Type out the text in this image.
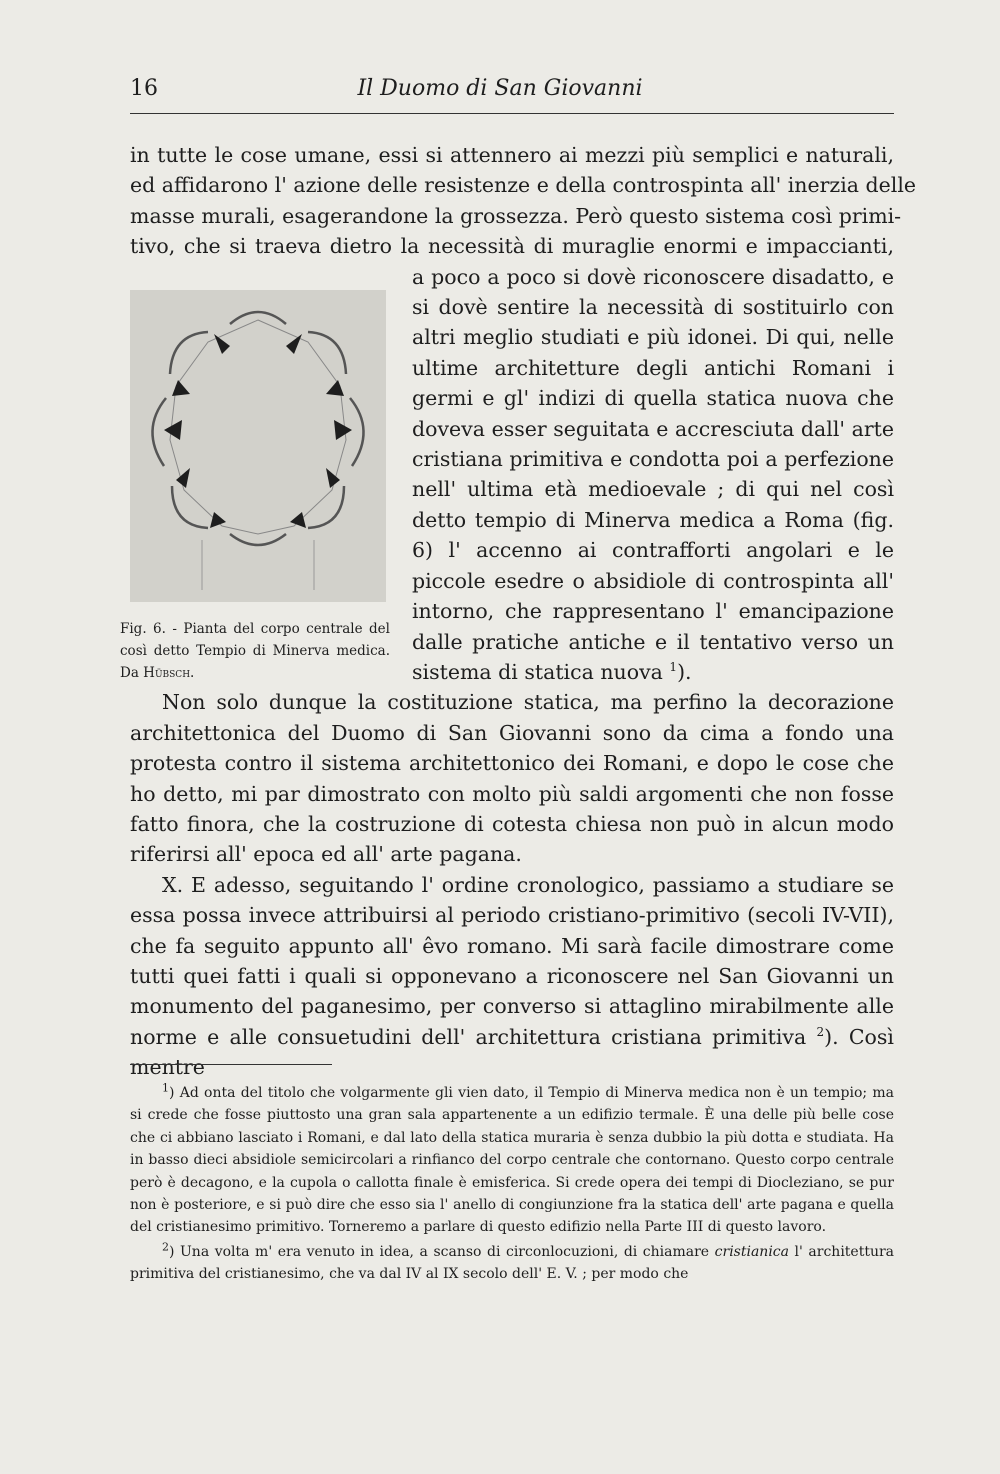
16	Il Duomo di San Giovanni
Fig. 6. - Pianta del corpo centrale del così detto Tempio di Minerva medica. Da Hübsch.

in tutte le cose umane, essi si attennero ai mezzi più semplici e naturali,
ed affidarono l' azione delle resistenze e della controspinta all' inerzia delle
masse murali, esagerandone la grossezza. Però questo sistema così primi-
tivo, che si traeva dietro la necessità di muraglie enormi e impaccianti,
a poco a poco si dovè riconoscere disadatto, e si dovè sentire la necessità di sostituirlo con altri meglio studiati e più idonei. Di qui, nelle ultime architetture degli antichi Romani i germi e gl' indizi di quella statica nuova che doveva esser seguitata e accresciuta dall' arte cristiana primitiva e condotta poi a perfezione nell' ultima età medioevale ; di qui nel così detto tempio di Minerva medica a Roma (fig. 6) l' accenno ai contrafforti angolari e le piccole esedre o absidiole di controspinta all' intorno, che rappresentano l' emancipazione dalle pratiche antiche e il tentativo verso un sistema di statica nuova $^1$).

Non solo dunque la costituzione statica, ma perfino la decorazione architettonica del Duomo di San Giovanni sono da cima a fondo una protesta contro il sistema architettonico dei Romani, e dopo le cose che ho detto, mi par dimostrato con molto più saldi argomenti che non fosse fatto finora, che la costruzione di cotesta chiesa non può in alcun modo riferirsi all' epoca ed all' arte pagana.

X. E adesso, seguitando l' ordine cronologico, passiamo a studiare se essa possa invece attribuirsi al periodo cristiano-primitivo (secoli IV-VII), che fa seguito appunto all' êvo romano. Mi sarà facile dimostrare come tutti quei fatti i quali si opponevano a riconoscere nel San Giovanni un monumento del paganesimo, per converso si attaglino mirabilmente alle norme e alle consuetudini dell' architettura cristiana primitiva $^2$). Così mentre

$^1$) Ad onta del titolo che volgarmente gli vien dato, il Tempio di Minerva medica non è un tempio; ma si crede che fosse piuttosto una gran sala appartenente a un edifizio termale. È una delle più belle cose che ci abbiano lasciato i Romani, e dal lato della statica muraria è senza dubbio la più dotta e studiata. Ha in basso dieci absidiole semicircolari a rinfianco del corpo centrale che contornano. Questo corpo centrale però è decagono, e la cupola o callotta finale è emisferica. Si crede opera dei tempi di Diocleziano, se pur non è posteriore, e si può dire che esso sia l' anello di congiunzione fra la statica dell' arte pagana e quella del cristianesimo primitivo. Torneremo a parlare di questo edifizio nella Parte III di questo lavoro.

$^2$) Una volta m' era venuto in idea, a scanso di circonlocuzioni, di chiamare cristianica l' architettura primitiva del cristianesimo, che va dal IV al IX secolo dell' E. V. ; per modo che
